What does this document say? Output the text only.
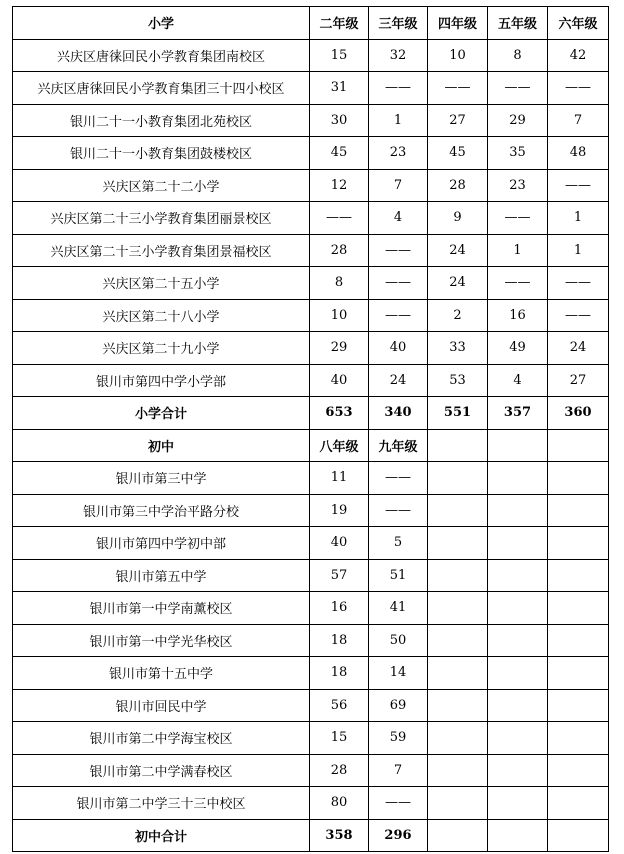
小学	二年级	三年级	四年级	五年级	六年级
兴庆区唐徕回民小学教育集团南校区	15	32	10	8	42
兴庆区唐徕回民小学教育集团三十四小校区	31	——	——	——	——
银川二十一小教育集团北苑校区	30	1	27	29	7
银川二十一小教育集团鼓楼校区	45	23	45	35	48
兴庆区第二十二小学	12	7	28	23	——
兴庆区第二十三小学教育集团丽景校区	——	4	9	——	1
兴庆区第二十三小学教育集团景福校区	28	——	24	1	1
兴庆区第二十五小学	8	——	24	——	——
兴庆区第二十八小学	10	——	2	16	——
兴庆区第二十九小学	29	40	33	49	24
银川市第四中学小学部	40	24	53	4	27
小学合计	653	340	551	357	360
初中	八年级	九年级			
银川市第三中学	11	——			
银川市第三中学治平路分校	19	——			
银川市第四中学初中部	40	5			
银川市第五中学	57	51			
银川市第一中学南薰校区	16	41			
银川市第一中学光华校区	18	50			
银川市第十五中学	18	14			
银川市回民中学	56	69			
银川市第二中学海宝校区	15	59			
银川市第二中学满春校区	28	7			
银川市第二中学三十三中校区	80	——			
初中合计	358	296			
